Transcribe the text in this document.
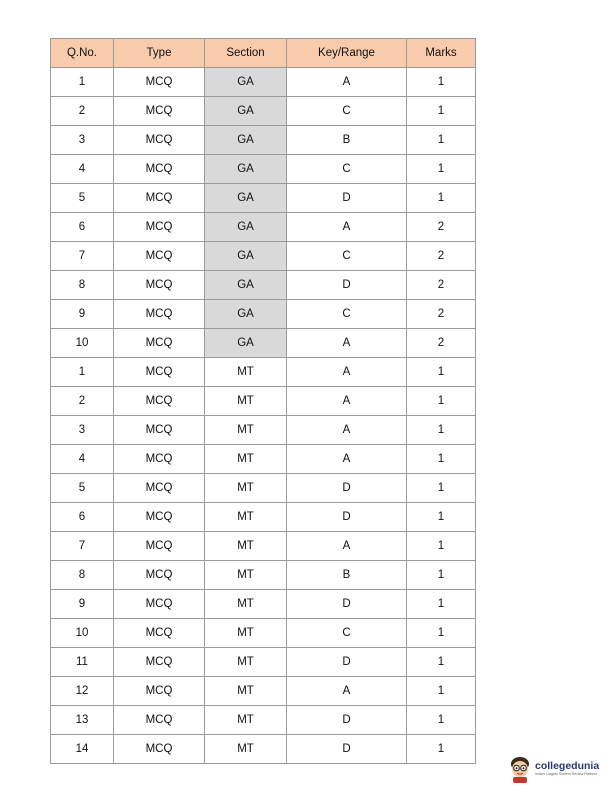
Q.No.	Type	Section	Key/Range	Marks
1	MCQ	GA	A	1
2	MCQ	GA	C	1
3	MCQ	GA	B	1
4	MCQ	GA	C	1
5	MCQ	GA	D	1
6	MCQ	GA	A	2
7	MCQ	GA	C	2
8	MCQ	GA	D	2
9	MCQ	GA	C	2
10	MCQ	GA	A	2
1	MCQ	MT	A	1
2	MCQ	MT	A	1
3	MCQ	MT	A	1
4	MCQ	MT	A	1
5	MCQ	MT	D	1
6	MCQ	MT	D	1
7	MCQ	MT	A	1
8	MCQ	MT	B	1
9	MCQ	MT	D	1
10	MCQ	MT	C	1
11	MCQ	MT	D	1
12	MCQ	MT	A	1
13	MCQ	MT	D	1
14	MCQ	MT	D	1
collegedunia
India's Largest Student Review Platform
